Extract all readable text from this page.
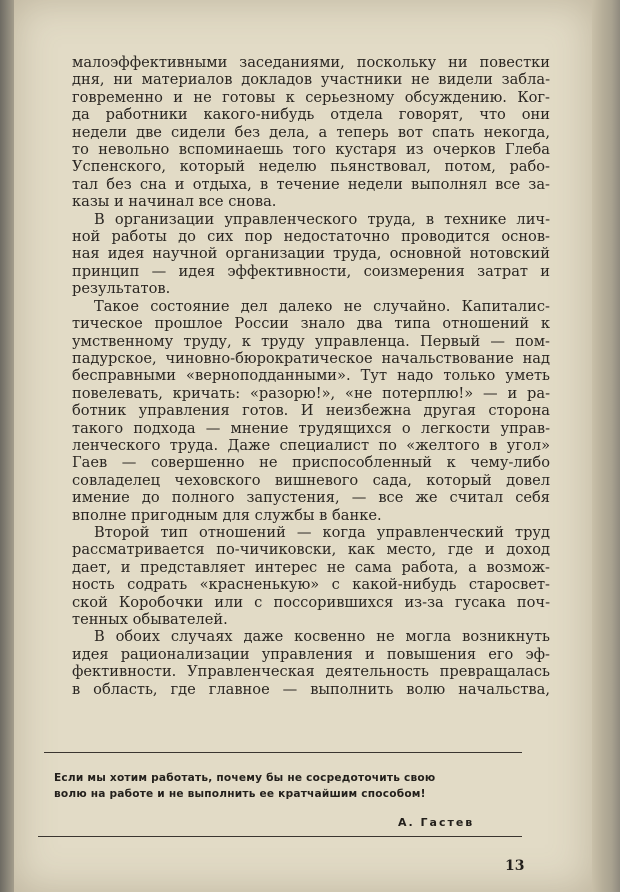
малоэффективными заседаниями, поскольку ни повестки
дня, ни материалов докладов участники не видели забла-
говременно и не готовы к серьезному обсуждению. Ког-
да работники какого-нибудь отдела говорят, что они
недели две сидели без дела, а теперь вот спать некогда,
то невольно вспоминаешь того кустаря из очерков Глеба
Успенского, который неделю пьянствовал, потом, рабо-
тал без сна и отдыха, в течение недели выполнял все за-
казы и начинал все снова.
В организации управленческого труда, в технике лич-
ной работы до сих пор недостаточно проводится основ-
ная идея научной организации труда, основной нотовский
принцип — идея эффективности, соизмерения затрат и
результатов.
Такое состояние дел далеко не случайно. Капиталис-
тическое прошлое России знало два типа отношений к
умственному труду, к труду управленца. Первый — пом-
падурское, чиновно-бюрократическое начальствование над
бесправными «верноподданными». Тут надо только уметь
повелевать, кричать: «разорю!», «не потерплю!» — и ра-
ботник управления готов. И неизбежна другая сторона
такого подхода — мнение трудящихся о легкости управ-
ленческого труда. Даже специалист по «желтого в угол»
Гаев — совершенно не приспособленный к чему-либо
совладелец чеховского вишневого сада, который довел
имение до полного запустения, — все же считал себя
вполне пригодным для службы в банке.
Второй тип отношений — когда управленческий труд
рассматривается по-чичиковски, как место, где и доход
дает, и представляет интерес не сама работа, а возмож-
ность содрать «красненькую» с какой-нибудь старосвет-
ской Коробочки или с поссорившихся из-за гусака поч-
тенных обывателей.
В обоих случаях даже косвенно не могла возникнуть
идея рационализации управления и повышения его эф-
фективности. Управленческая деятельность превращалась
в область, где главное — выполнить волю начальства,
Если мы хотим работать, почему бы не сосредоточить свою
волю на работе и не выполнить ее кратчайшим способом!
А. Гастев
13
